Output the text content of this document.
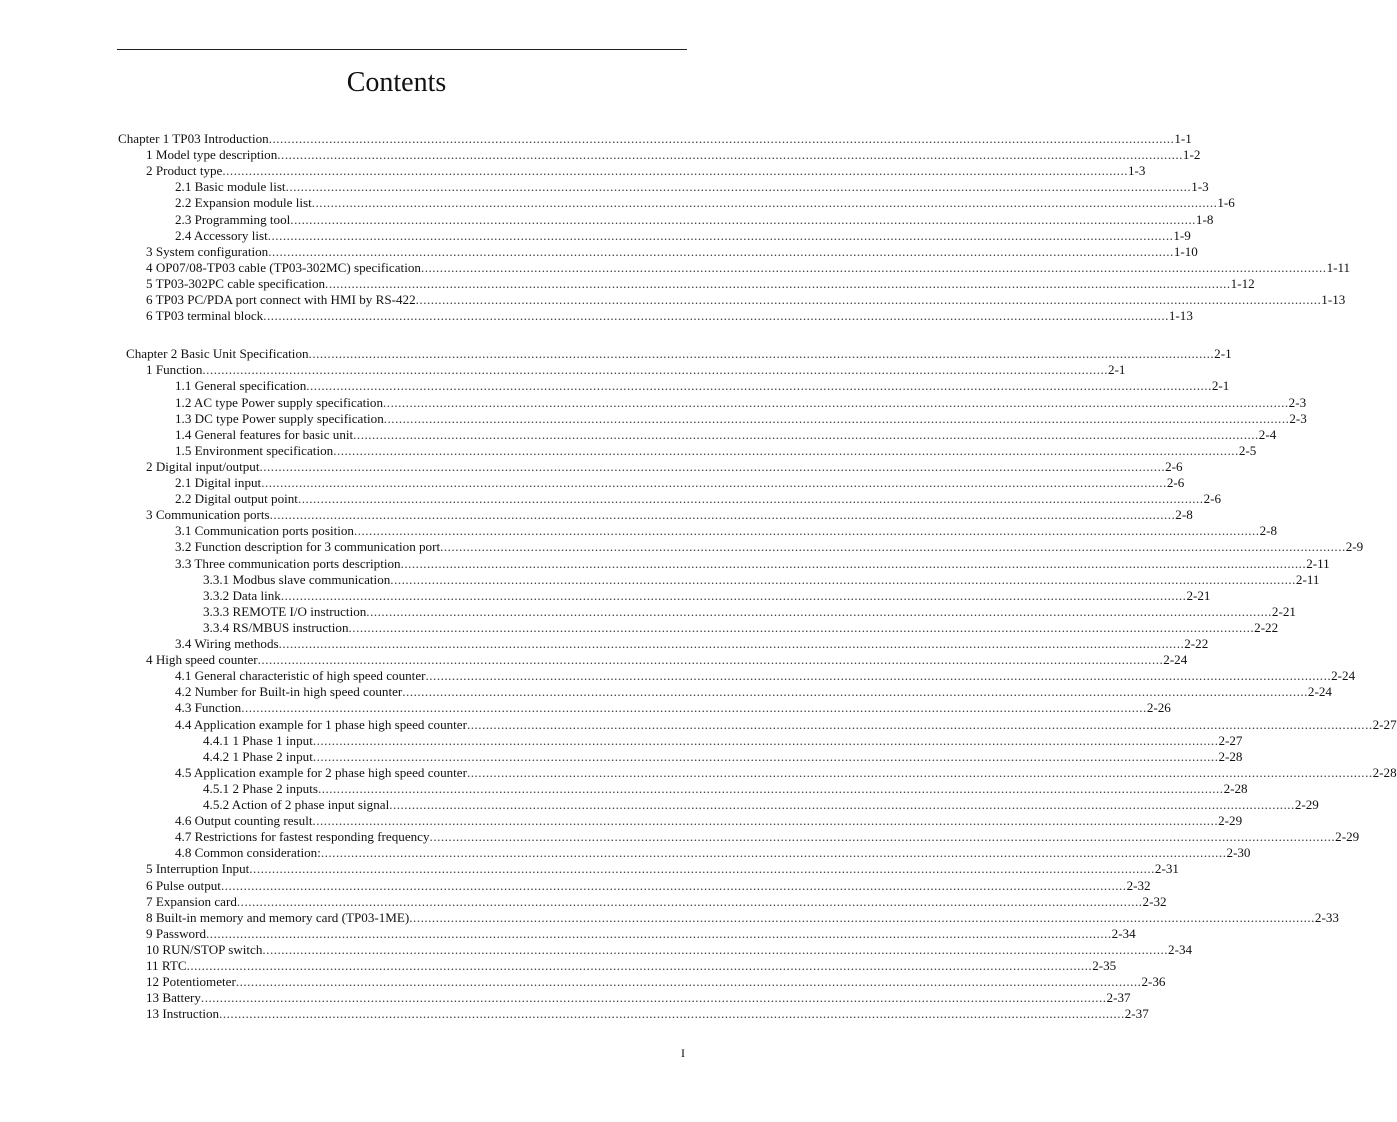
Contents
Chapter 1 TP03 Introduction ................................................................................................................................................................................................................................................ 1-1
1 Model type description ................................................................................................................................................................................................................................................ 1-2
2 Product type ................................................................................................................................................................................................................................................ 1-3
2.1 Basic module list ................................................................................................................................................................................................................................................ 1-3
2.2 Expansion module list ................................................................................................................................................................................................................................................ 1-6
2.3 Programming tool ................................................................................................................................................................................................................................................ 1-8
2.4 Accessory list ................................................................................................................................................................................................................................................ 1-9
3 System configuration ................................................................................................................................................................................................................................................ 1-10
4 OP07/08-TP03 cable (TP03-302MC) specification ................................................................................................................................................................................................................................................ 1-11
5 TP03-302PC cable specification ................................................................................................................................................................................................................................................ 1-12
6 TP03 PC/PDA port connect with HMI by RS-422 ................................................................................................................................................................................................................................................ 1-13
6 TP03 terminal block ................................................................................................................................................................................................................................................ 1-13
Chapter 2 Basic Unit Specification ................................................................................................................................................................................................................................................ 2-1
1 Function ................................................................................................................................................................................................................................................ 2-1
1.1 General specification ................................................................................................................................................................................................................................................ 2-1
1.2 AC type Power supply specification ................................................................................................................................................................................................................................................ 2-3
1.3 DC type Power supply specification ................................................................................................................................................................................................................................................ 2-3
1.4 General features for basic unit ................................................................................................................................................................................................................................................ 2-4
1.5 Environment specification ................................................................................................................................................................................................................................................ 2-5
2 Digital input/output ................................................................................................................................................................................................................................................ 2-6
2.1 Digital input ................................................................................................................................................................................................................................................ 2-6
2.2 Digital output point ................................................................................................................................................................................................................................................ 2-6
3 Communication ports ................................................................................................................................................................................................................................................ 2-8
3.1 Communication ports position ................................................................................................................................................................................................................................................ 2-8
3.2 Function description for 3 communication port ................................................................................................................................................................................................................................................ 2-9
3.3 Three communication ports description ................................................................................................................................................................................................................................................ 2-11
3.3.1 Modbus slave communication ................................................................................................................................................................................................................................................ 2-11
3.3.2 Data link ................................................................................................................................................................................................................................................ 2-21
3.3.3 REMOTE I/O instruction ................................................................................................................................................................................................................................................ 2-21
3.3.4 RS/MBUS instruction ................................................................................................................................................................................................................................................ 2-22
3.4 Wiring methods ................................................................................................................................................................................................................................................ 2-22
4 High speed counter ................................................................................................................................................................................................................................................ 2-24
4.1 General characteristic of high speed counter ................................................................................................................................................................................................................................................ 2-24
4.2 Number for Built-in high speed counter ................................................................................................................................................................................................................................................ 2-24
4.3 Function ................................................................................................................................................................................................................................................ 2-26
4.4 Application example for 1 phase high speed counter ................................................................................................................................................................................................................................................ 2-27
4.4.1 1 Phase 1 input ................................................................................................................................................................................................................................................ 2-27
4.4.2 1 Phase 2 input ................................................................................................................................................................................................................................................ 2-28
4.5 Application example for 2 phase high speed counter ................................................................................................................................................................................................................................................ 2-28
4.5.1 2 Phase 2 inputs ................................................................................................................................................................................................................................................ 2-28
4.5.2 Action of 2 phase input signal ................................................................................................................................................................................................................................................ 2-29
4.6 Output counting result ................................................................................................................................................................................................................................................ 2-29
4.7 Restrictions for fastest responding frequency ................................................................................................................................................................................................................................................ 2-29
4.8 Common consideration: ................................................................................................................................................................................................................................................ 2-30
5 Interruption Input ................................................................................................................................................................................................................................................ 2-31
6 Pulse output ................................................................................................................................................................................................................................................ 2-32
7 Expansion card ................................................................................................................................................................................................................................................ 2-32
8 Built-in memory and memory card (TP03-1ME) ................................................................................................................................................................................................................................................ 2-33
9 Password ................................................................................................................................................................................................................................................ 2-34
10 RUN/STOP switch ................................................................................................................................................................................................................................................ 2-34
11 RTC ................................................................................................................................................................................................................................................ 2-35
12 Potentiometer ................................................................................................................................................................................................................................................ 2-36
13 Battery ................................................................................................................................................................................................................................................ 2-37
13 Instruction ................................................................................................................................................................................................................................................ 2-37
I
